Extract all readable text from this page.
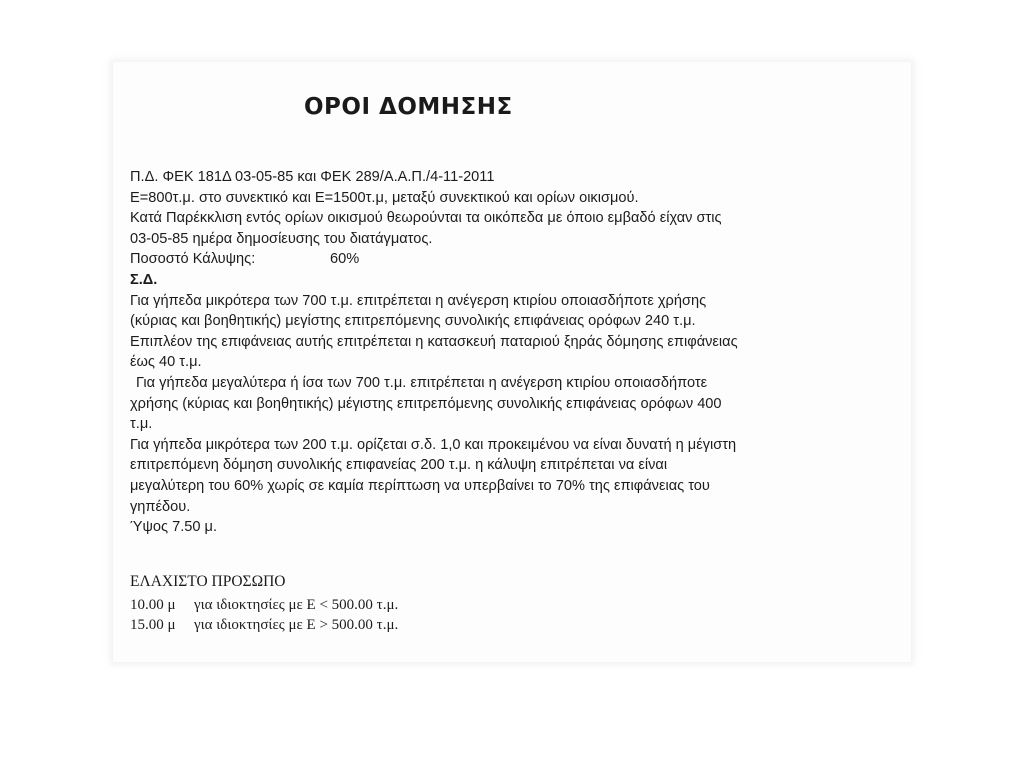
ΟΡΟΙ ΔΟΜΗΣΗΣ

Π.Δ. ΦΕΚ 181Δ 03-05-85 και ΦΕΚ 289/Α.Α.Π./4-11-2011

Ε=800τ.μ. στο συνεκτικό και Ε=1500τ.μ, μεταξύ συνεκτικού και ορίων οικισμού.

Κατά Παρέκκλιση εντός ορίων οικισμού θεωρούνται τα οικόπεδα με όποιο εμβαδό είχαν στις

03-05-85 ημέρα δημοσίευσης του διατάγματος.

Ποσοστό Κάλυψης:	60%

Σ.Δ.

Για γήπεδα μικρότερα των 700 τ.μ. επιτρέπεται η ανέγερση κτιρίου οποιασδήποτε χρήσης

(κύριας και βοηθητικής) μεγίστης επιτρεπόμενης συνολικής επιφάνειας ορόφων 240 τ.μ.

Επιπλέον της επιφάνειας αυτής επιτρέπεται η κατασκευή παταριού ξηράς δόμησης επιφάνειας

έως 40 τ.μ.

Για γήπεδα μεγαλύτερα ή ίσα των 700 τ.μ. επιτρέπεται η ανέγερση κτιρίου οποιασδήποτε

χρήσης (κύριας και βοηθητικής) μέγιστης επιτρεπόμενης συνολικής επιφάνειας ορόφων 400

τ.μ.

Για γήπεδα μικρότερα των 200 τ.μ. ορίζεται σ.δ. 1,0 και προκειμένου να είναι δυνατή η μέγιστη

επιτρεπόμενη δόμηση συνολικής επιφανείας 200 τ.μ. η κάλυψη επιτρέπεται να είναι

μεγαλύτερη του 60% χωρίς σε καμία περίπτωση να υπερβαίνει το 70% της επιφάνειας του

γηπέδου.

Ύψος 7.50 μ.

ΕΛΑΧΙΣΤΟ ΠΡΟΣΩΠΟ
10.00 μ	για ιδιοκτησίες με Ε < 500.00 τ.μ.
15.00 μ	για ιδιοκτησίες με Ε > 500.00 τ.μ.
